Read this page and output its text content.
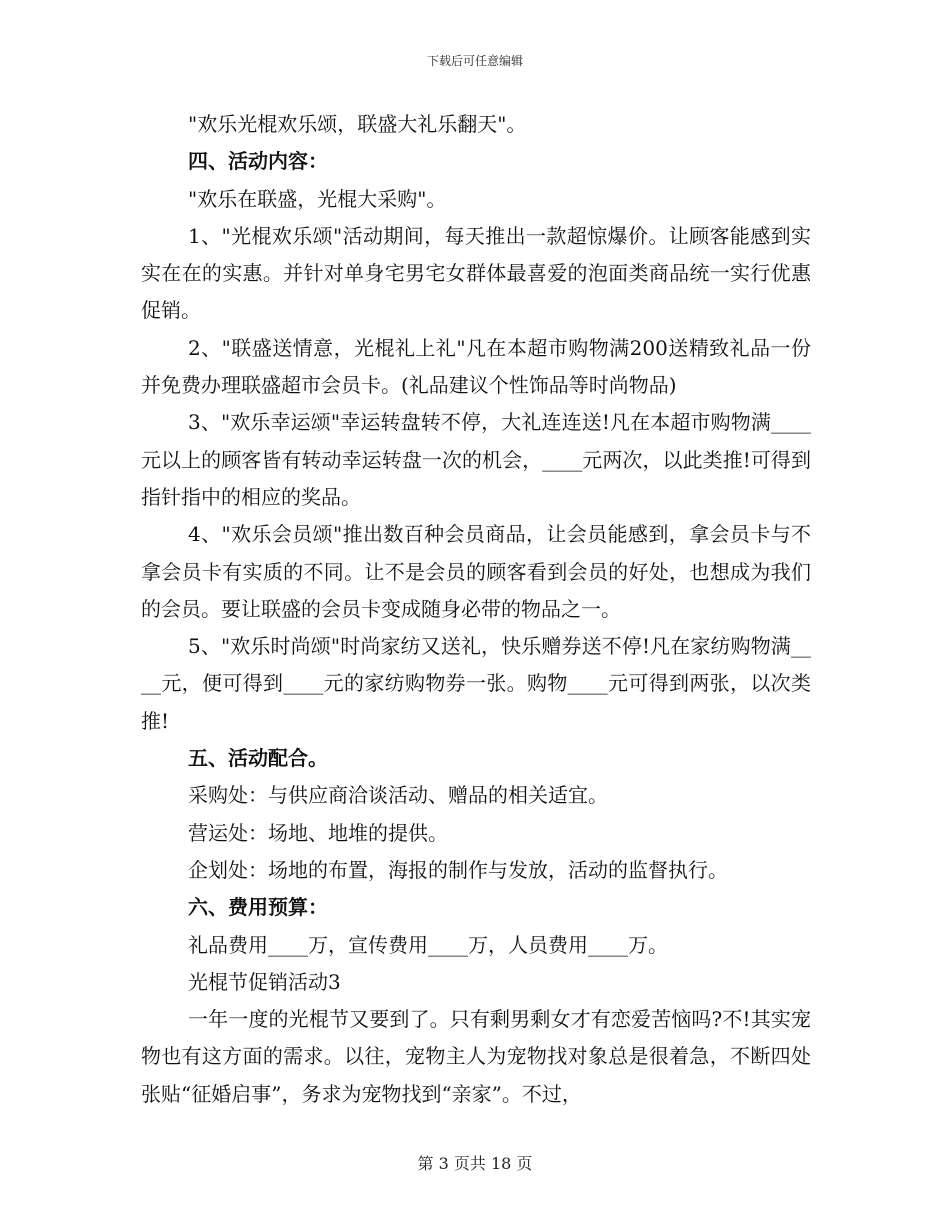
下载后可任意编辑

"欢乐光棍欢乐颂，联盛大礼乐翻天"。

四、活动内容：

"欢乐在联盛，光棍大采购"。

1、"光棍欢乐颂"活动期间，每天推出一款超惊爆价。让顾客能感到实实在在的实惠。并针对单身宅男宅女群体最喜爱的泡面类商品统一实行优惠促销。

2、"联盛送情意，光棍礼上礼"凡在本超市购物满200送精致礼品一份并免费办理联盛超市会员卡。(礼品建议个性饰品等时尚物品)

3、"欢乐幸运颂"幸运转盘转不停，大礼连连送!凡在本超市购物满____元以上的顾客皆有转动幸运转盘一次的机会，____元两次，以此类推!可得到指针指中的相应的奖品。

4、"欢乐会员颂"推出数百种会员商品，让会员能感到，拿会员卡与不拿会员卡有实质的不同。让不是会员的顾客看到会员的好处，也想成为我们的会员。要让联盛的会员卡变成随身必带的物品之一。

5、"欢乐时尚颂"时尚家纺又送礼，快乐赠券送不停!凡在家纺购物满____元，便可得到____元的家纺购物券一张。购物____元可得到两张，以次类推!

五、活动配合。

采购处：与供应商洽谈活动、赠品的相关适宜。

营运处：场地、地堆的提供。

企划处：场地的布置，海报的制作与发放，活动的监督执行。

六、费用预算：

礼品费用____万，宣传费用____万，人员费用____万。

光棍节促销活动3

一年一度的光棍节又要到了。只有剩男剩女才有恋爱苦恼吗?不!其实宠物也有这方面的需求。以往，宠物主人为宠物找对象总是很着急，不断四处张贴“征婚启事”，务求为宠物找到“亲家”。不过，

第 3 页共 18 页
